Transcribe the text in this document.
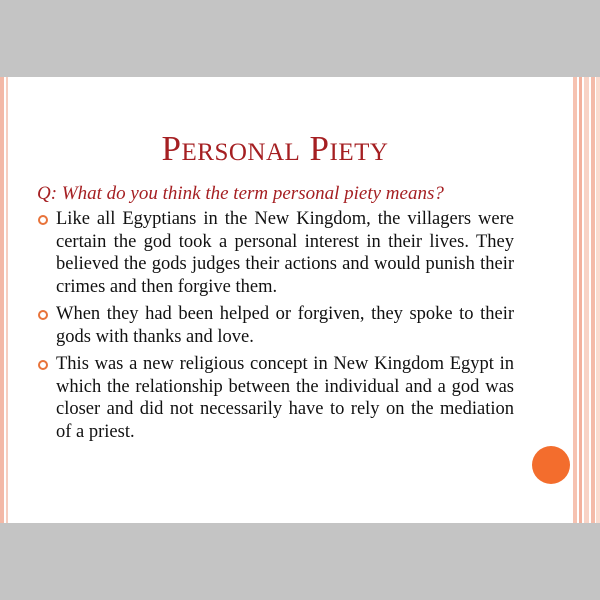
Personal Piety

Q: What do you think the term personal piety means?

Like all Egyptians in the New Kingdom, the villagers were certain the god took a personal interest in their lives. They believed the gods judges their actions and would punish their crimes and then forgive them.
When they had been helped or forgiven, they spoke to their gods with thanks and love.
This was a new religious concept in New Kingdom Egypt in which the relationship between the individual and a god was closer and did not necessarily have to rely on the mediation of a priest.
